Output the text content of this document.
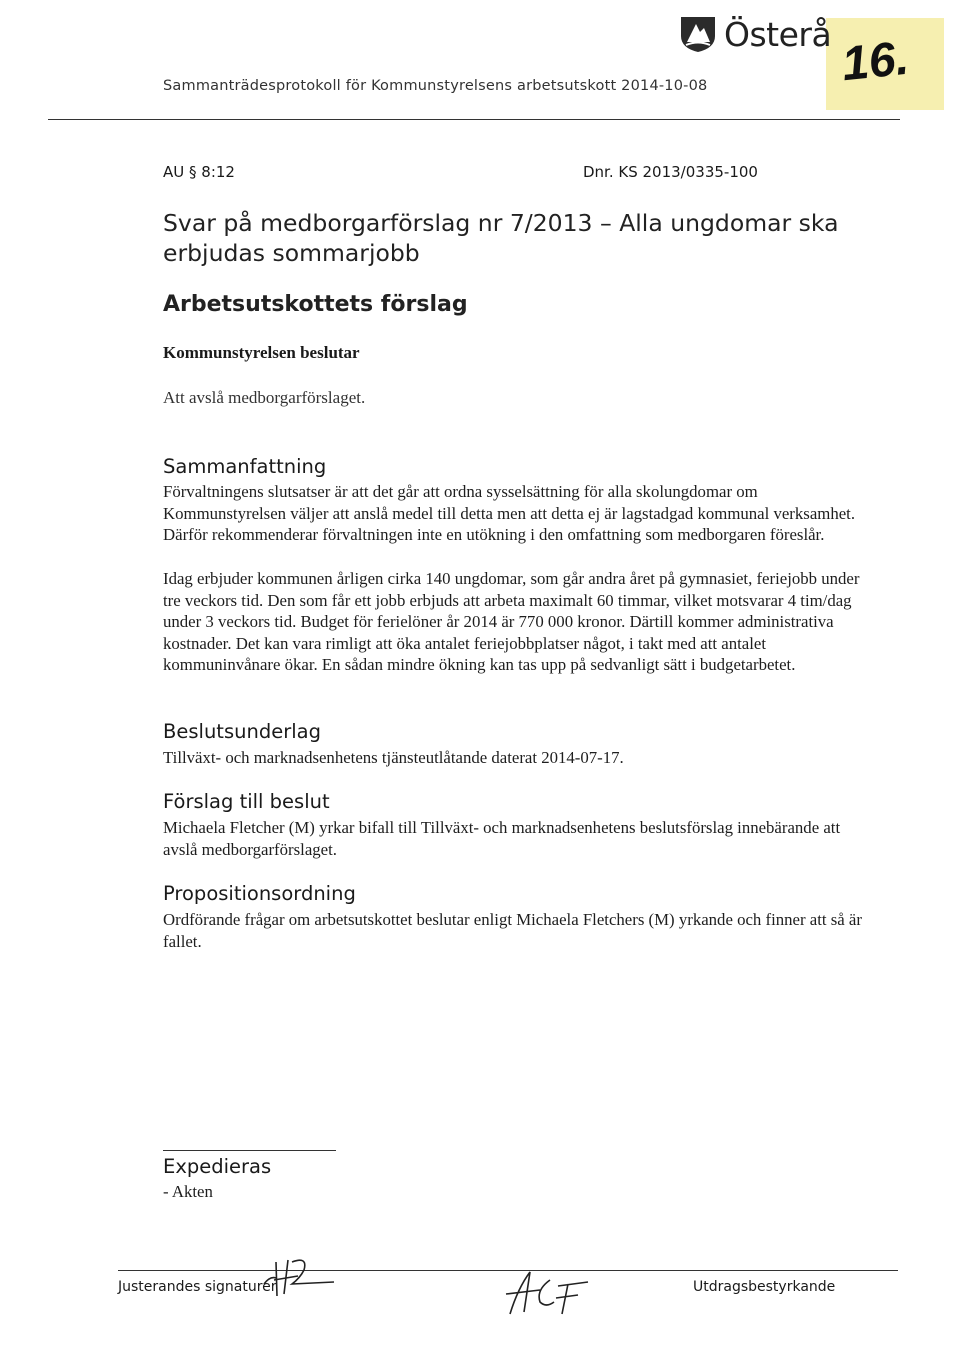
16.
Österå
Sammanträdesprotokoll för Kommunstyrelsens arbetsutskott 2014-10-08
AU § 8:12	Dnr. KS 2013/0335-100
Svar på medborgarförslag nr 7/2013 – Alla ungdomar ska erbjudas sommarjobb
Arbetsutskottets förslag
Kommunstyrelsen beslutar
Att avslå medborgarförslaget.
Sammanfattning
Förvaltningens slutsatser är att det går att ordna sysselsättning för alla skolungdomar om Kommunstyrelsen väljer att anslå medel till detta men att detta ej är lagstadgad kommunal verksamhet. Därför rekommenderar förvaltningen inte en utökning i den omfattning som medborgaren föreslår.
Idag erbjuder kommunen årligen cirka 140 ungdomar, som går andra året på gymnasiet, feriejobb under tre veckors tid. Den som får ett jobb erbjuds att arbeta maximalt 60 timmar, vilket motsvarar 4 tim/dag under 3 veckors tid. Budget för ferielöner år 2014 är 770 000 kronor. Därtill kommer administrativa kostnader. Det kan vara rimligt att öka antalet feriejobbplatser något, i takt med att antalet kommuninvånare ökar. En sådan mindre ökning kan tas upp på sedvanligt sätt i budgetarbetet.
Beslutsunderlag
Tillväxt- och marknadsenhetens tjänsteutlåtande daterat 2014-07-17.
Förslag till beslut
Michaela Fletcher (M) yrkar bifall till Tillväxt- och marknadsenhetens beslutsförslag innebärande att avslå medborgarförslaget.
Propositionsordning
Ordförande frågar om arbetsutskottet beslutar enligt Michaela Fletchers (M) yrkande och finner att så är fallet.
Expedieras
- Akten
Justerandes signaturer	Utdragsbestyrkande
